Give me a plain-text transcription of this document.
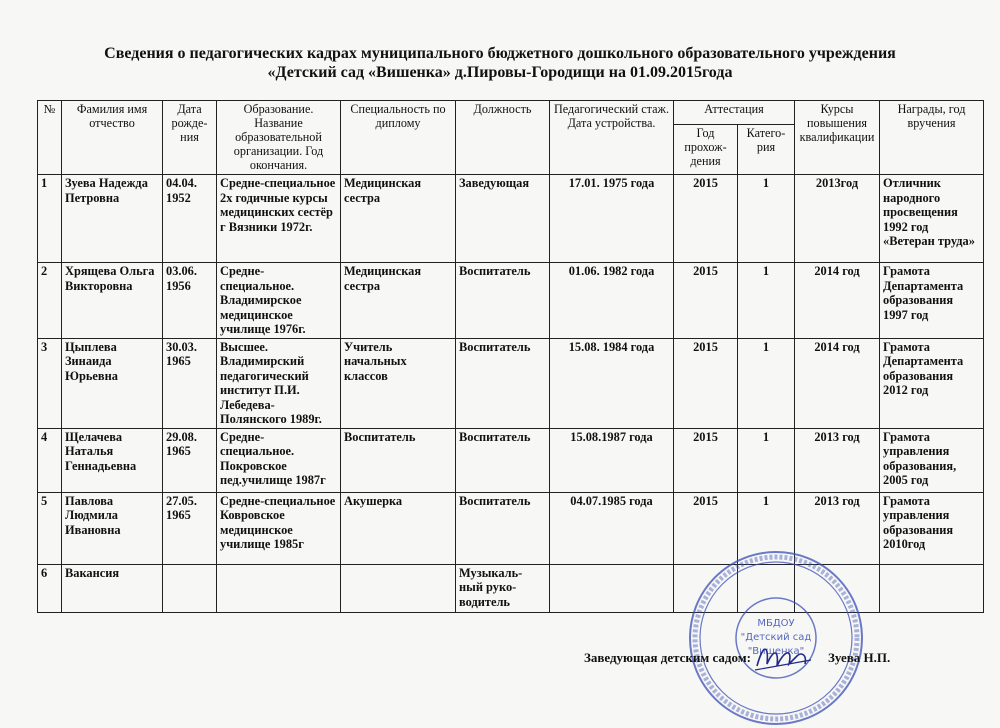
Сведения о педагогических кадрах муниципального бюджетного дошкольного образовательного учреждения
«Детский сад «Вишенка» д.Пировы-Городищи на 01.09.2015года
№	Фамилия имя отчество	Дата рожде-ния	Образование. Название образовательной организации. Год окончания.	Специальность по диплому	Должность	Педагогический стаж. Дата устройства.	Аттестация		Курсы повышения квалификации	Награды, год вручения
							Год прохож-дения	Катего-рия		
1	Зуева Надежда Петровна	04.04. 1952	Средне-специальное 2х годичные курсы медицинских сестёр г Вязники 1972г.	Медицинская сестра	Заведующая	17.01. 1975 года	2015	1	2013год	Отличник народного просвещения 1992 год «Ветеран труда»
2	Хрящева Ольга Викторовна	03.06. 1956	Средне-специальное. Владимирское медицинское училище 1976г.	Медицинская сестра	Воспитатель	01.06. 1982 года	2015	1	2014 год	Грамота Департамента образования 1997 год
3	Цыплева Зинаида Юрьевна	30.03. 1965	Высшее. Владимирский педагогический институт П.И. Лебедева-Полянского 1989г.	Учитель начальных классов	Воспитатель	15.08. 1984 года	2015	1	2014 год	Грамота Департамента образования 2012 год
4	Щелачева Наталья Геннадьевна	29.08. 1965	Средне-специальное. Покровское пед.училище 1987г	Воспитатель	Воспитатель	15.08.1987 года	2015	1	2013 год	Грамота управления образования, 2005 год
5	Павлова Людмила Ивановна	27.05. 1965	Средне-специальное Ковровское медицинское училище 1985г	Акушерка	Воспитатель	04.07.1985 года	2015	1	2013 год	Грамота управления образования 2010год
6	Вакансия				Музыкаль-ный руко-водитель					
МБДОУ
"Детский сад
"Вишенка"
Заведующая детским садом:	Зуева Н.П.
